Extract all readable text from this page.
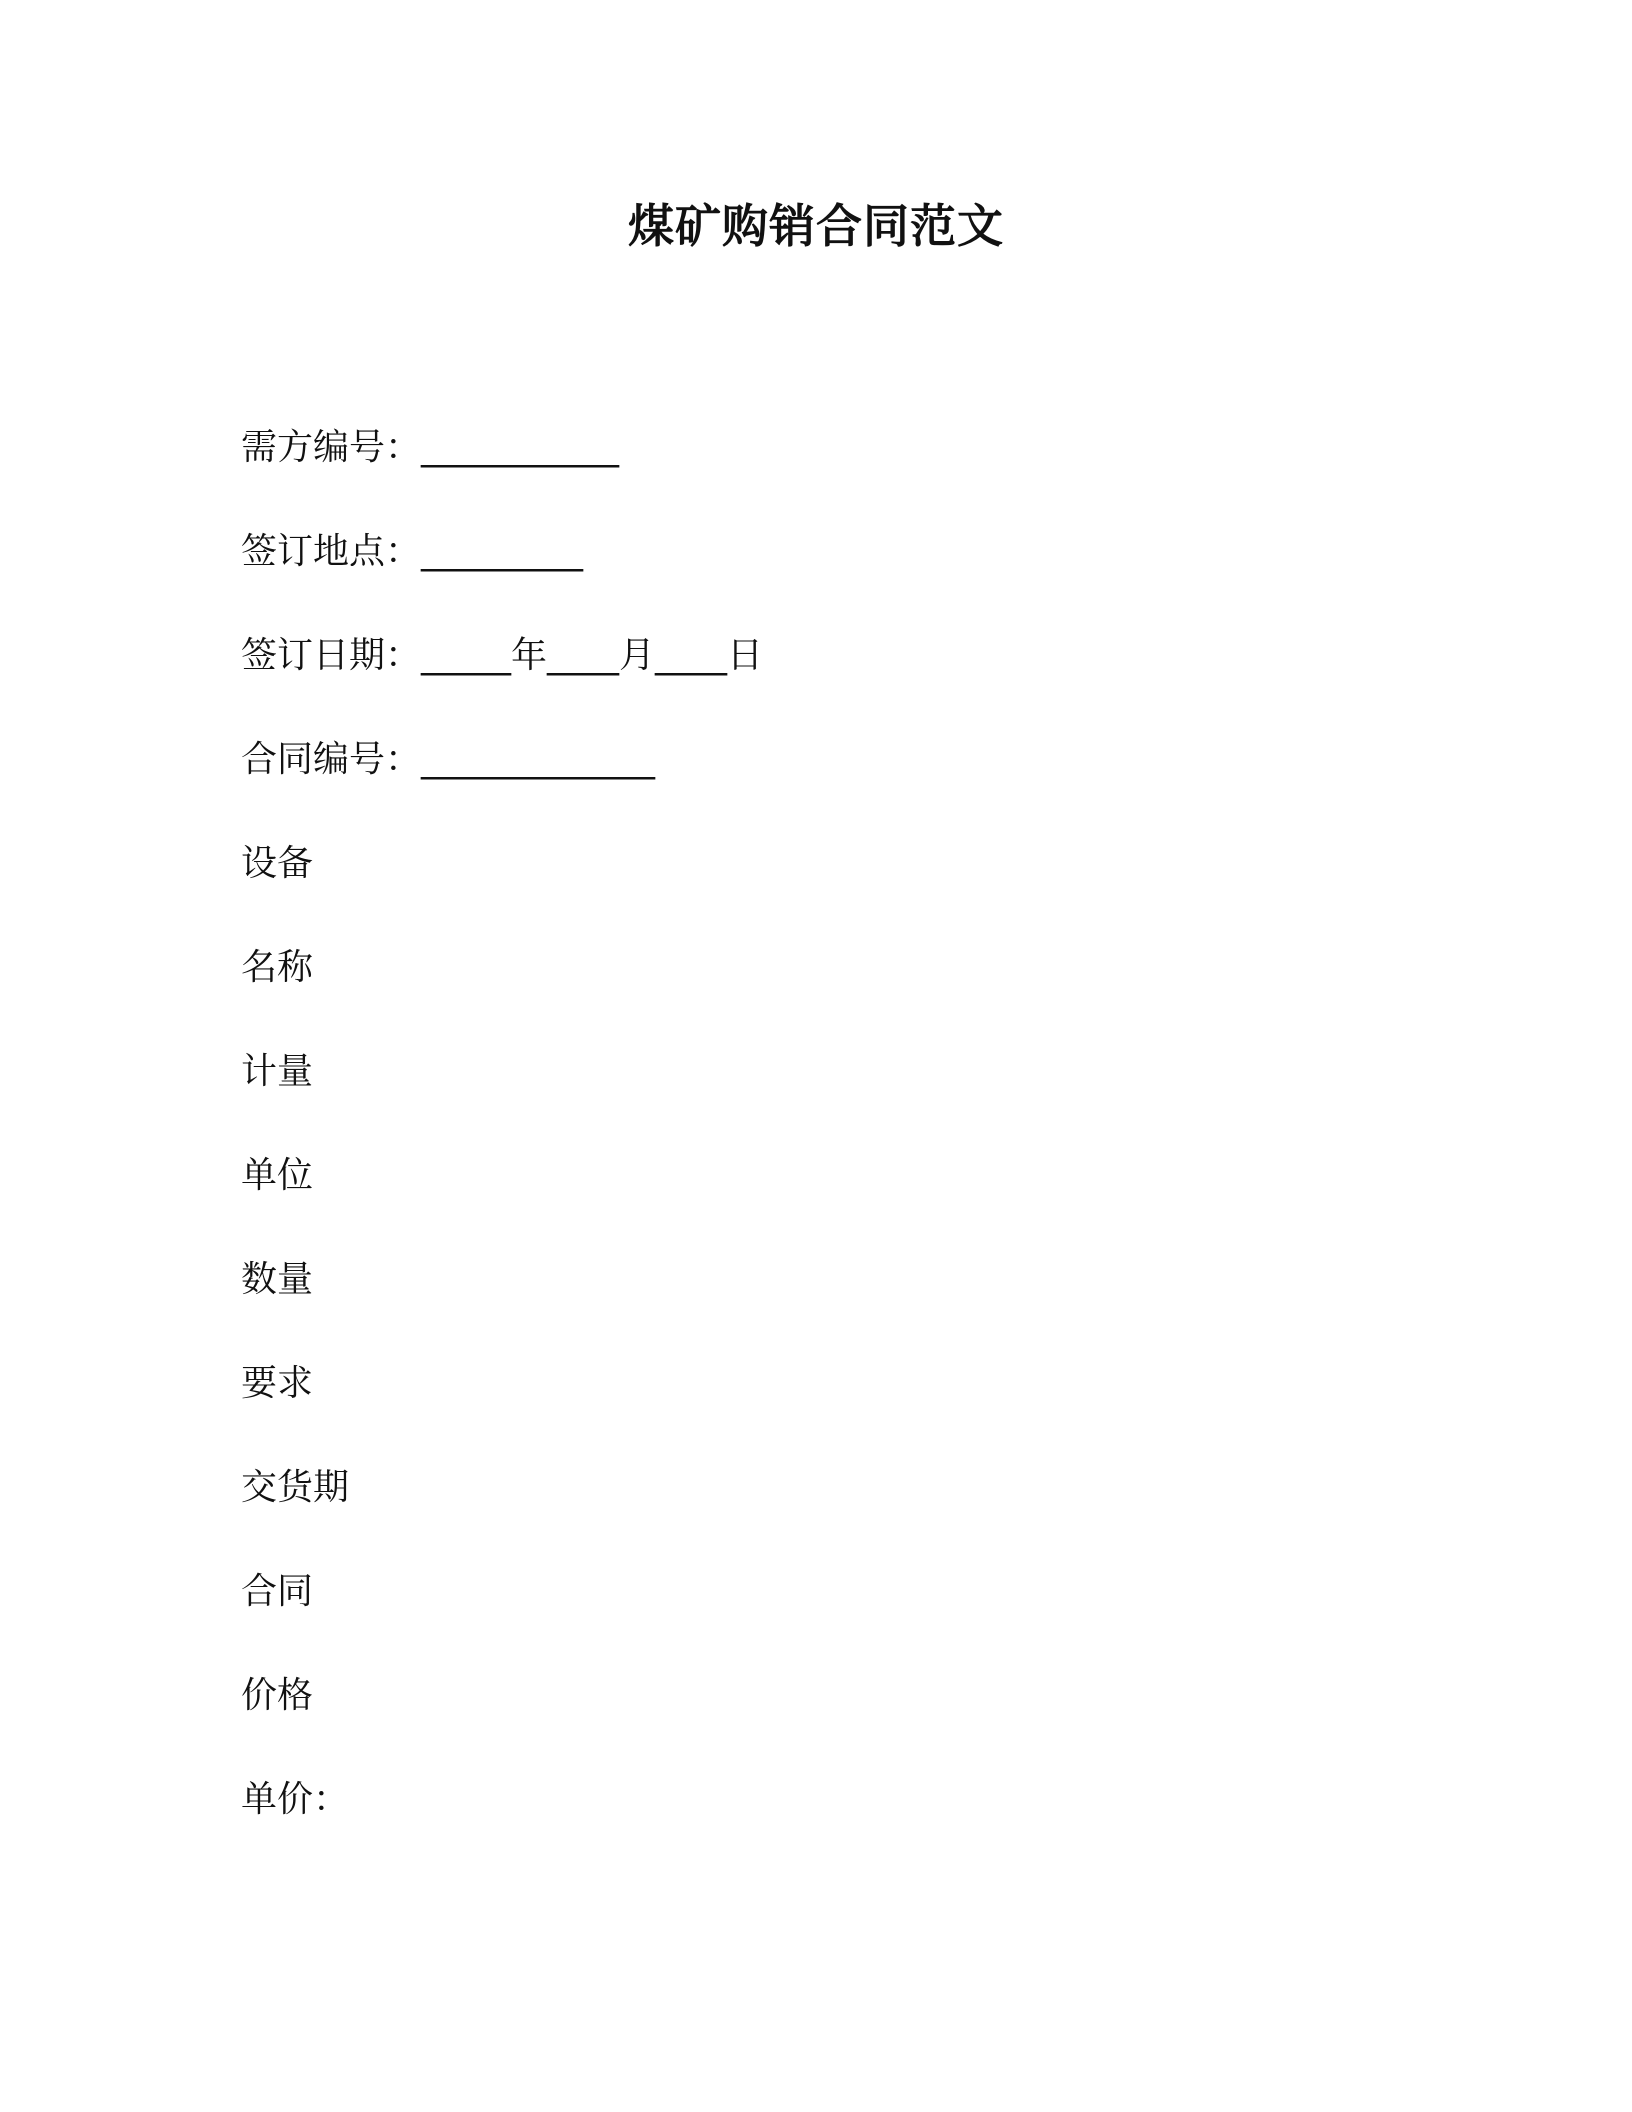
煤矿购销合同范文
需方编号：___________
签订地点：_________
签订日期：_____年____月____日
合同编号：_____________
设备
名称
计量
单位
数量
要求
交货期
合同
价格
单价：
